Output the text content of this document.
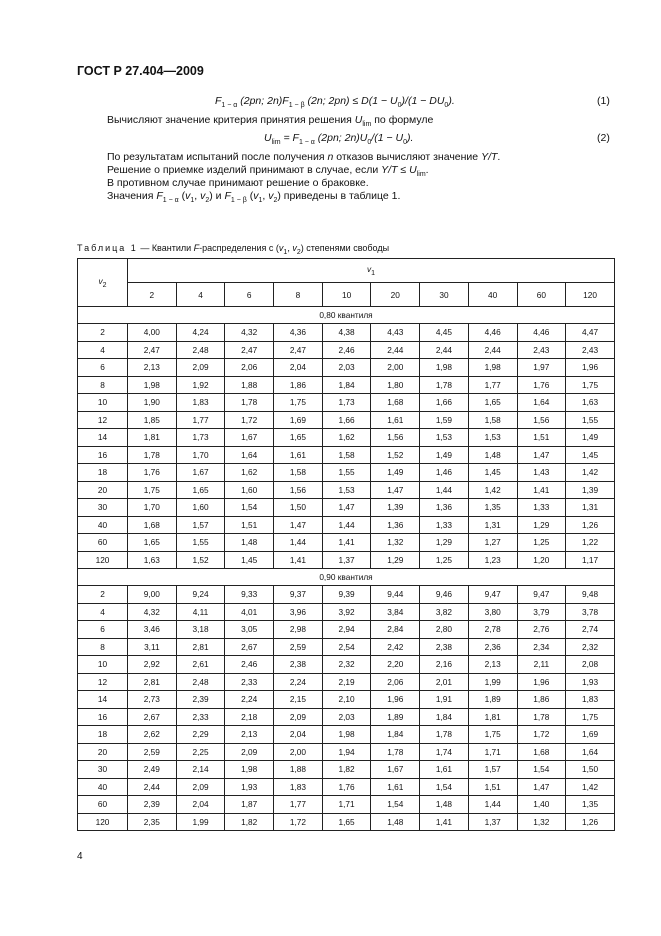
ГОСТ Р 27.404—2009
$F_{1 - \alpha}$ (2pn; $2n)F_{1 - \beta}$ (2n; $2pn) \le D(1 - U_0)/(1 - DU_0)$.	(1)
Вычисляют значение критерия принятия решения $U_{lim}$ по формуле
$U_{lim} = F_{1 - \alpha}$ (2pn; $2n)U_0/(1 - U_0)$.	(2)
По результатам испытаний после получения n отказов вычисляют значение Y/T.
Решение о приемке изделий принимают в случае, если $Y/T \le U_{lim}$.
В противном случае принимают решение о браковке.
Значения $F_{1 - \alpha}$ ($v_1$, $v_2$) и $F_{1 - \beta}$ ($v_1$, $v_2$) приведены в таблице 1.
Таблица 1 — Квантили F-распределения с ($v_1$, $v_2$) степенями свободы
$v_2$	$v_1$
	2	4	6	8	10	20	30	40	60	120
0,80 квантиля										
2	4,00	4,24	4,32	4,36	4,38	4,43	4,45	4,46	4,46	4,47
4	2,47	2,48	2,47	2,47	2,46	2,44	2,44	2,44	2,43	2,43
6	2,13	2,09	2,06	2,04	2,03	2,00	1,98	1,98	1,97	1,96
8	1,98	1,92	1,88	1,86	1,84	1,80	1,78	1,77	1,76	1,75
10	1,90	1,83	1,78	1,75	1,73	1,68	1,66	1,65	1,64	1,63
12	1,85	1,77	1,72	1,69	1,66	1,61	1,59	1,58	1,56	1,55
14	1,81	1,73	1,67	1,65	1,62	1,56	1,53	1,53	1,51	1,49
16	1,78	1,70	1,64	1,61	1,58	1,52	1,49	1,48	1,47	1,45
18	1,76	1,67	1,62	1,58	1,55	1,49	1,46	1,45	1,43	1,42
20	1,75	1,65	1,60	1,56	1,53	1,47	1,44	1,42	1,41	1,39
30	1,70	1,60	1,54	1,50	1,47	1,39	1,36	1,35	1,33	1,31
40	1,68	1,57	1,51	1,47	1,44	1,36	1,33	1,31	1,29	1,26
60	1,65	1,55	1,48	1,44	1,41	1,32	1,29	1,27	1,25	1,22
120	1,63	1,52	1,45	1,41	1,37	1,29	1,25	1,23	1,20	1,17
0,90 квантиля										
2	9,00	9,24	9,33	9,37	9,39	9,44	9,46	9,47	9,47	9,48
4	4,32	4,11	4,01	3,96	3,92	3,84	3,82	3,80	3,79	3,78
6	3,46	3,18	3,05	2,98	2,94	2,84	2,80	2,78	2,76	2,74
8	3,11	2,81	2,67	2,59	2,54	2,42	2,38	2,36	2,34	2,32
10	2,92	2,61	2,46	2,38	2,32	2,20	2,16	2,13	2,11	2,08
12	2,81	2,48	2,33	2,24	2,19	2,06	2,01	1,99	1,96	1,93
14	2,73	2,39	2,24	2,15	2,10	1,96	1,91	1,89	1,86	1,83
16	2,67	2,33	2,18	2,09	2,03	1,89	1,84	1,81	1,78	1,75
18	2,62	2,29	2,13	2,04	1,98	1,84	1,78	1,75	1,72	1,69
20	2,59	2,25	2,09	2,00	1,94	1,78	1,74	1,71	1,68	1,64
30	2,49	2,14	1,98	1,88	1,82	1,67	1,61	1,57	1,54	1,50
40	2,44	2,09	1,93	1,83	1,76	1,61	1,54	1,51	1,47	1,42
60	2,39	2,04	1,87	1,77	1,71	1,54	1,48	1,44	1,40	1,35
120	2,35	1,99	1,82	1,72	1,65	1,48	1,41	1,37	1,32	1,26
4
